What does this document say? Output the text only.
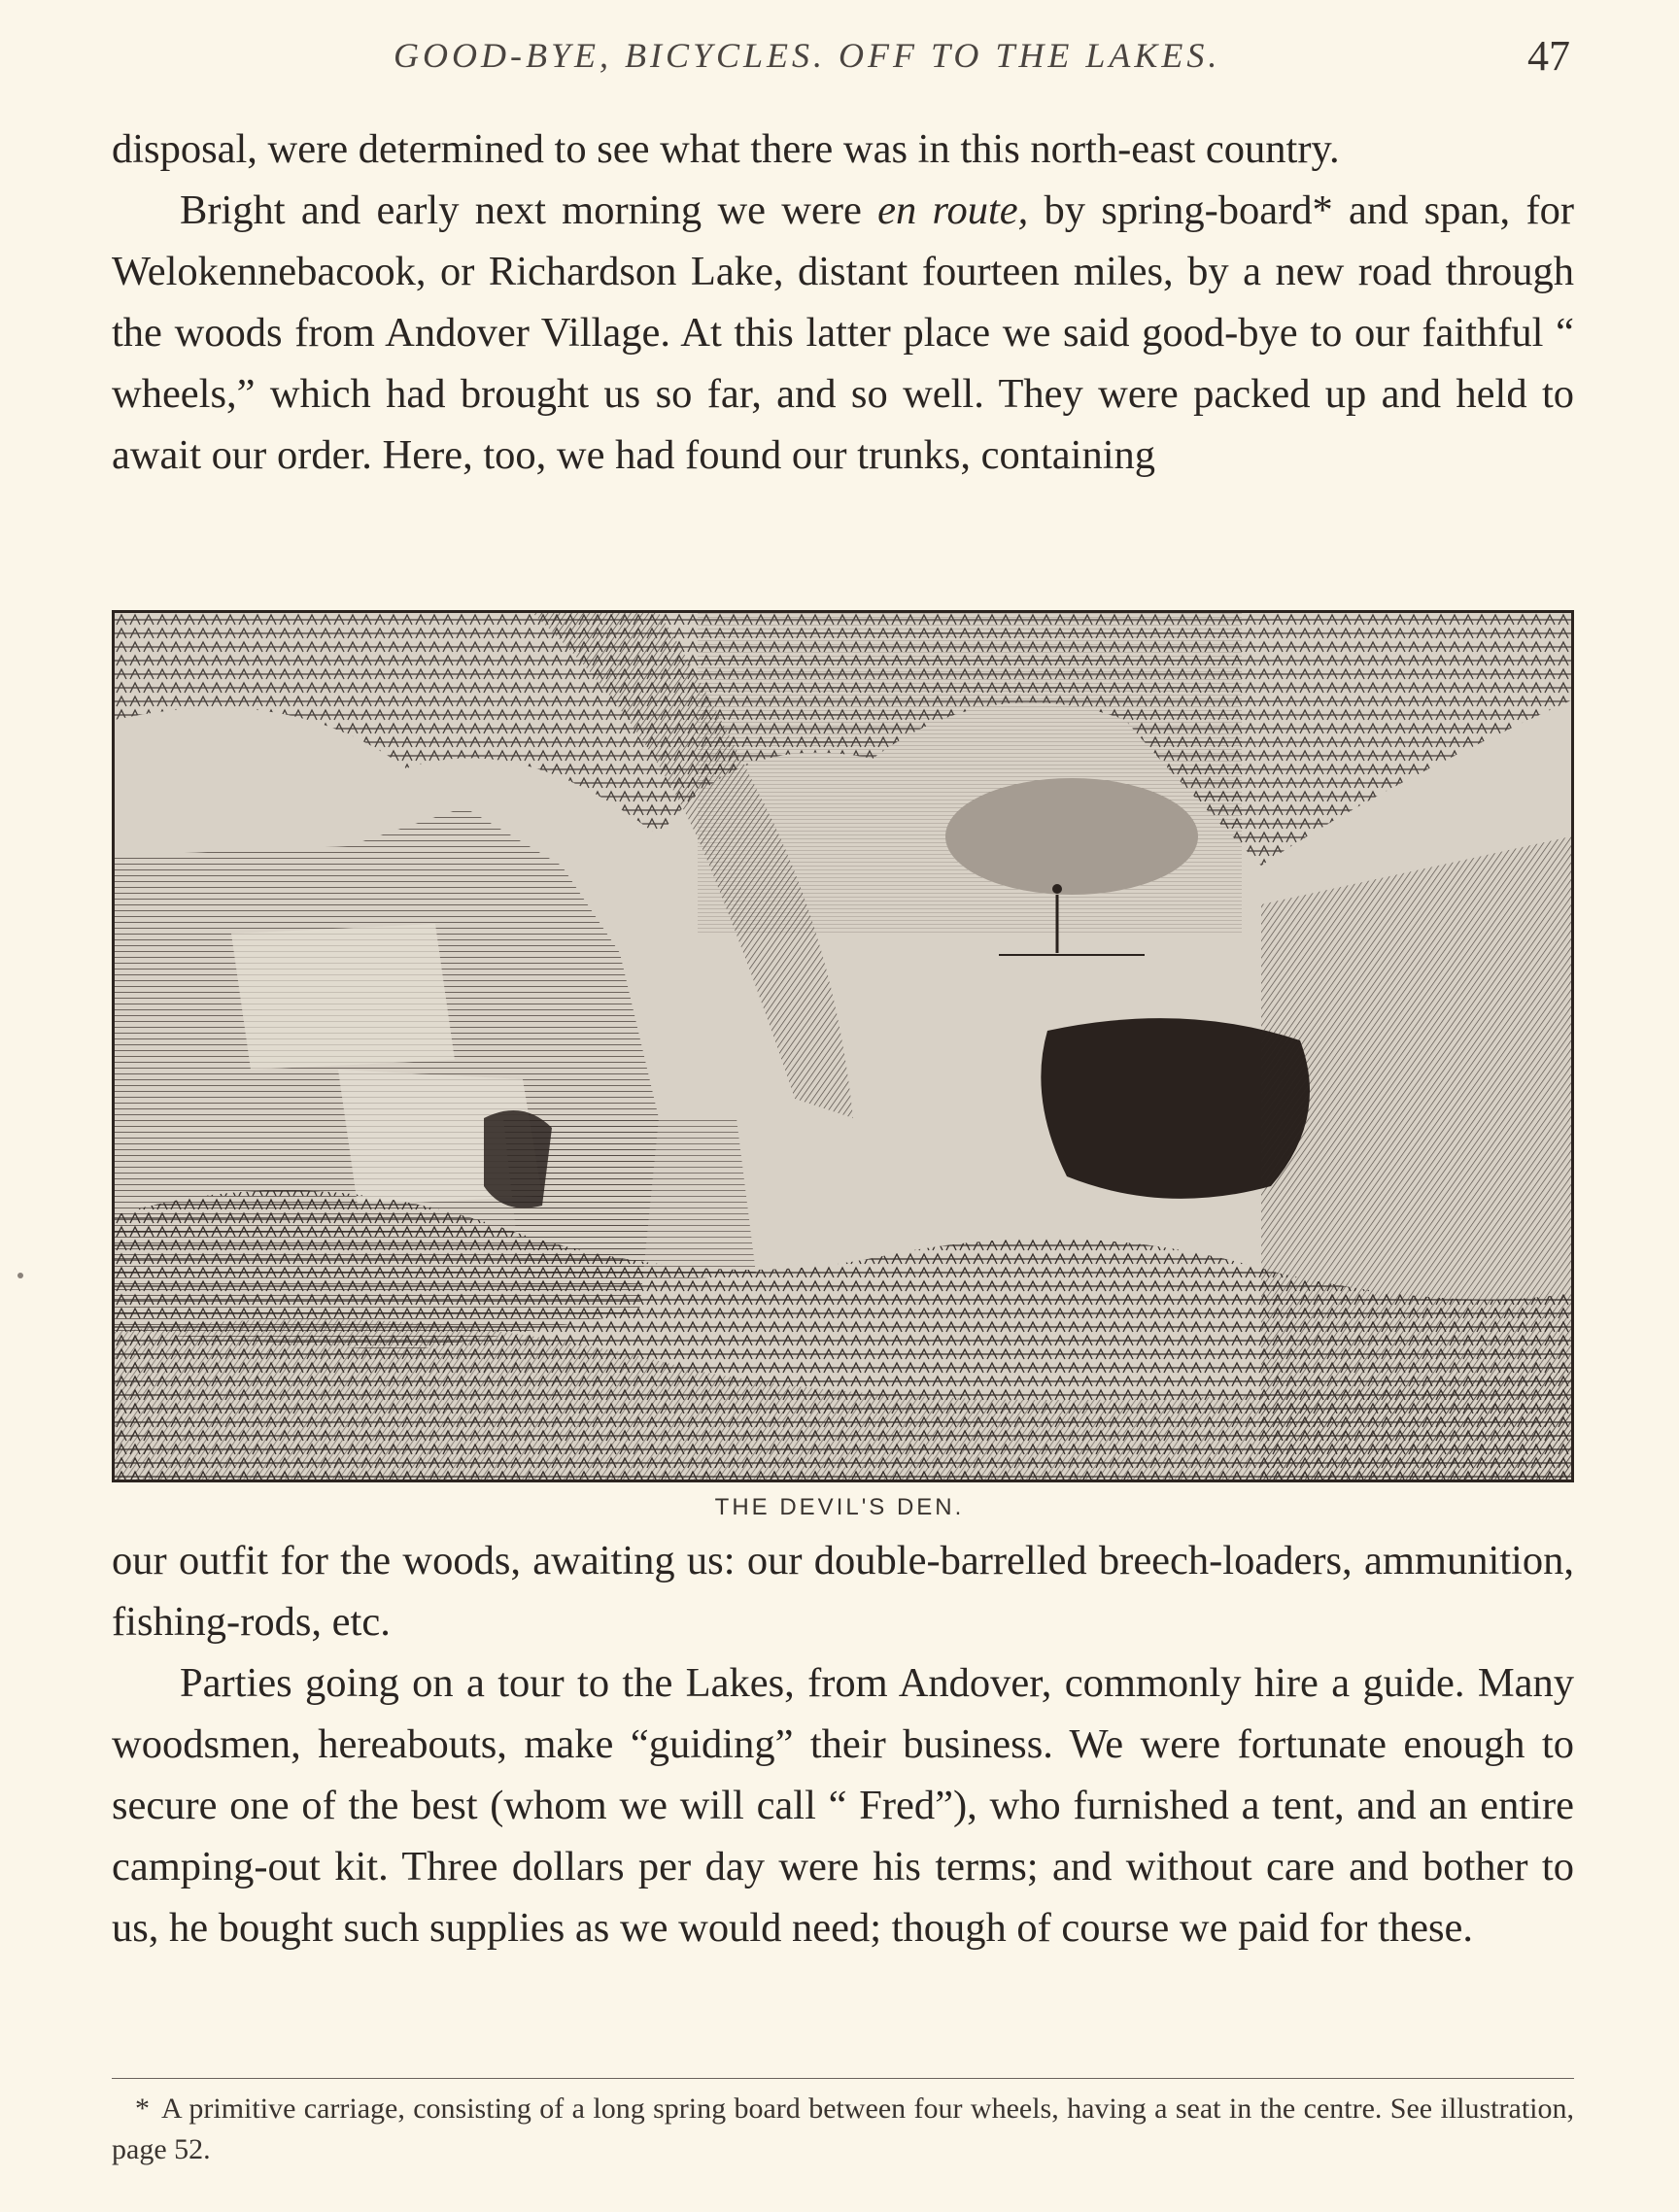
GOOD-BYE, BICYCLES. OFF TO THE LAKES.	47

disposal, were determined to see what there was in this north-east country.

Bright and early next morning we were en route, by spring-board* and span, for Welokennebacook, or Richardson Lake, distant fourteen miles, by a new road through the woods from Andover Village. At this latter place we said good-bye to our faithful “ wheels,” which had brought us so far, and so well. They were packed up and held to await our order. Here, too, we had found our trunks, containing

THE DEVIL'S DEN.

our outfit for the woods, awaiting us: our double-barrelled breech-loaders, ammunition, fishing-rods, etc.

Parties going on a tour to the Lakes, from Andover, commonly hire a guide. Many woodsmen, hereabouts, make “guiding” their business. We were fortunate enough to secure one of the best (whom we will call “ Fred”), who furnished a tent, and an entire camping-out kit. Three dollars per day were his terms; and without care and bother to us, he bought such supplies as we would need; though of course we paid for these.

* A primitive carriage, consisting of a long spring board between four wheels, having a seat in the centre. See illustration, page 52.
